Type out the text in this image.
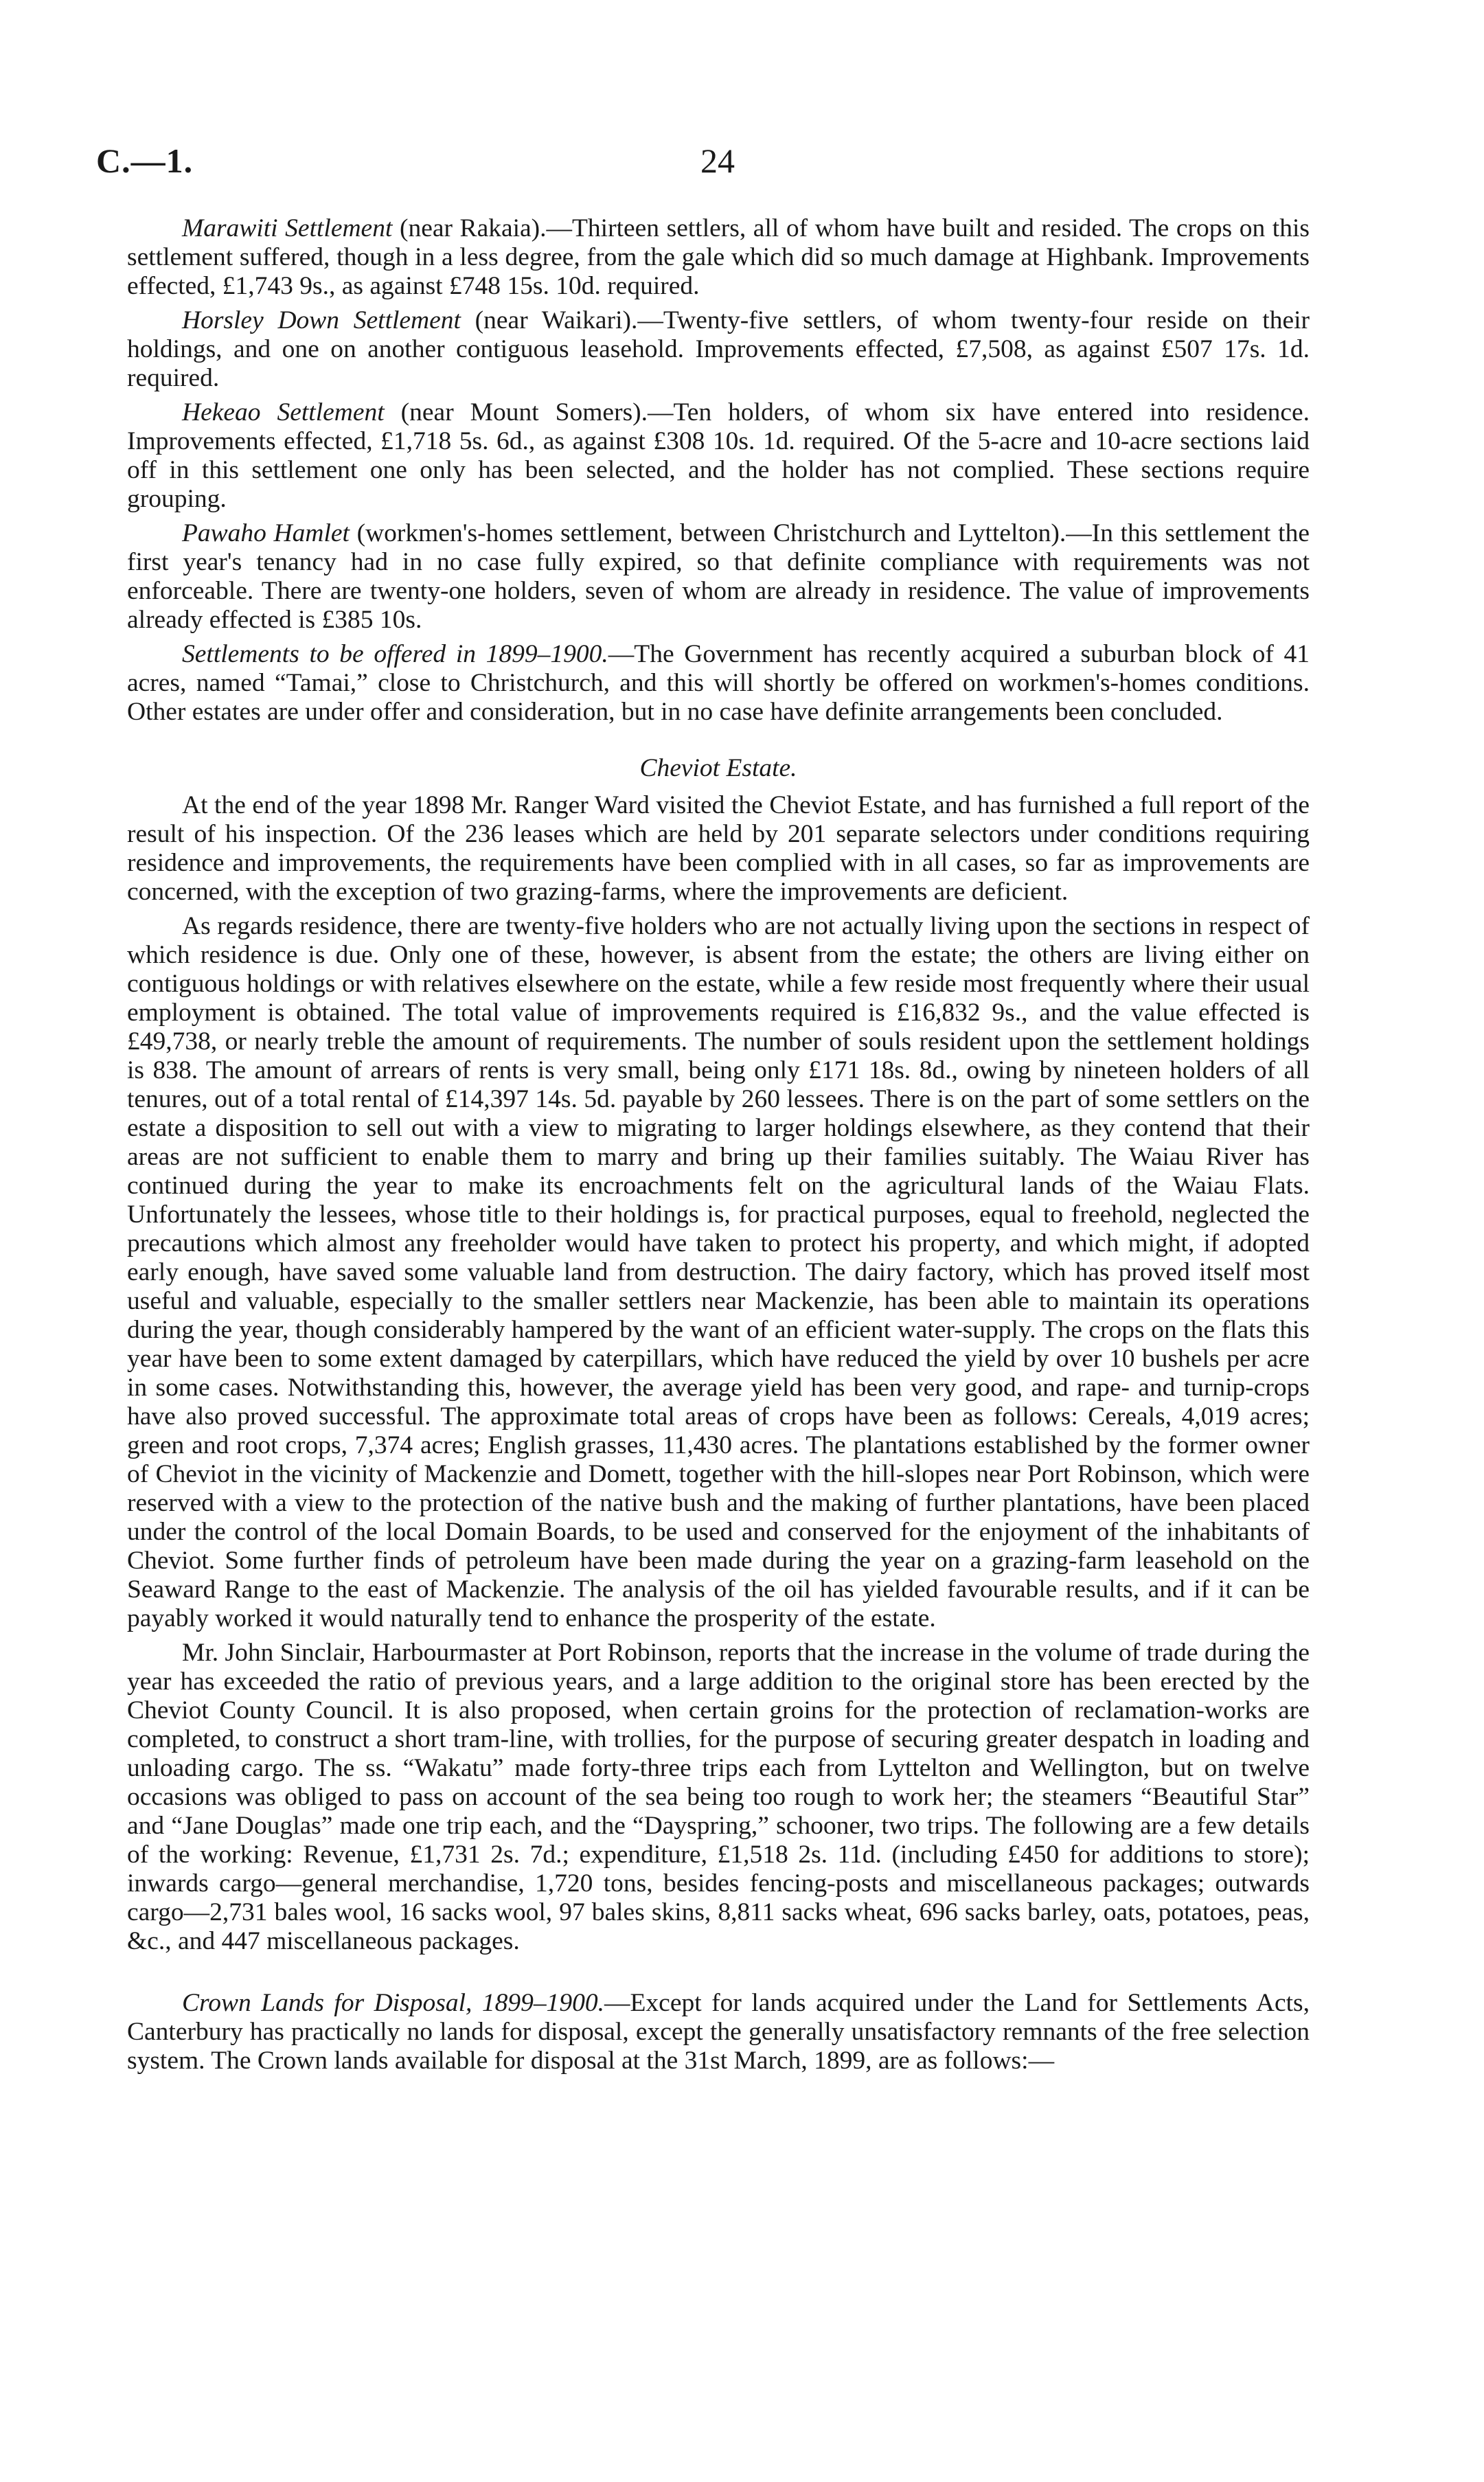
C.—1.	24

Marawiti Settlement (near Rakaia).—Thirteen settlers, all of whom have built and resided. The crops on this settlement suffered, though in a less degree, from the gale which did so much damage at Highbank. Improvements effected, £1,743 9s., as against £748 15s. 10d. required.

Horsley Down Settlement (near Waikari).—Twenty-five settlers, of whom twenty-four reside on their holdings, and one on another contiguous leasehold. Improvements effected, £7,508, as against £507 17s. 1d. required.

Hekeao Settlement (near Mount Somers).—Ten holders, of whom six have entered into residence. Improvements effected, £1,718 5s. 6d., as against £308 10s. 1d. required. Of the 5-acre and 10-acre sections laid off in this settlement one only has been selected, and the holder has not complied. These sections require grouping.

Pawaho Hamlet (workmen's-homes settlement, between Christchurch and Lyttelton).—In this settlement the first year's tenancy had in no case fully expired, so that definite compliance with requirements was not enforceable. There are twenty-one holders, seven of whom are already in residence. The value of improvements already effected is £385 10s.

Settlements to be offered in 1899–1900.—The Government has recently acquired a suburban block of 41 acres, named “Tamai,” close to Christchurch, and this will shortly be offered on workmen's-homes conditions. Other estates are under offer and consideration, but in no case have definite arrangements been concluded.

Cheviot Estate.

At the end of the year 1898 Mr. Ranger Ward visited the Cheviot Estate, and has furnished a full report of the result of his inspection. Of the 236 leases which are held by 201 separate selectors under conditions requiring residence and improvements, the requirements have been complied with in all cases, so far as improvements are concerned, with the exception of two grazing-farms, where the improvements are deficient.

As regards residence, there are twenty-five holders who are not actually living upon the sections in respect of which residence is due. Only one of these, however, is absent from the estate; the others are living either on contiguous holdings or with relatives elsewhere on the estate, while a few reside most frequently where their usual employment is obtained. The total value of improvements required is £16,832 9s., and the value effected is £49,738, or nearly treble the amount of requirements. The number of souls resident upon the settlement holdings is 838. The amount of arrears of rents is very small, being only £171 18s. 8d., owing by nineteen holders of all tenures, out of a total rental of £14,397 14s. 5d. payable by 260 lessees. There is on the part of some settlers on the estate a disposition to sell out with a view to migrating to larger holdings elsewhere, as they contend that their areas are not sufficient to enable them to marry and bring up their families suitably. The Waiau River has continued during the year to make its encroachments felt on the agricultural lands of the Waiau Flats. Unfortunately the lessees, whose title to their holdings is, for practical purposes, equal to freehold, neglected the precautions which almost any freeholder would have taken to protect his property, and which might, if adopted early enough, have saved some valuable land from destruction. The dairy factory, which has proved itself most useful and valuable, especially to the smaller settlers near Mackenzie, has been able to maintain its operations during the year, though considerably hampered by the want of an efficient water-supply. The crops on the flats this year have been to some extent damaged by caterpillars, which have reduced the yield by over 10 bushels per acre in some cases. Notwithstanding this, however, the average yield has been very good, and rape- and turnip-crops have also proved successful. The approximate total areas of crops have been as follows: Cereals, 4,019 acres; green and root crops, 7,374 acres; English grasses, 11,430 acres. The plantations established by the former owner of Cheviot in the vicinity of Mackenzie and Domett, together with the hill-slopes near Port Robinson, which were reserved with a view to the protection of the native bush and the making of further plantations, have been placed under the control of the local Domain Boards, to be used and conserved for the enjoyment of the inhabitants of Cheviot. Some further finds of petroleum have been made during the year on a grazing-farm leasehold on the Seaward Range to the east of Mackenzie. The analysis of the oil has yielded favourable results, and if it can be payably worked it would naturally tend to enhance the prosperity of the estate.

Mr. John Sinclair, Harbourmaster at Port Robinson, reports that the increase in the volume of trade during the year has exceeded the ratio of previous years, and a large addition to the original store has been erected by the Cheviot County Council. It is also proposed, when certain groins for the protection of reclamation-works are completed, to construct a short tram-line, with trollies, for the purpose of securing greater despatch in loading and unloading cargo. The ss. “Wakatu” made forty-three trips each from Lyttelton and Wellington, but on twelve occasions was obliged to pass on account of the sea being too rough to work her; the steamers “Beautiful Star” and “Jane Douglas” made one trip each, and the “Dayspring,” schooner, two trips. The following are a few details of the working: Revenue, £1,731 2s. 7d.; expenditure, £1,518 2s. 11d. (including £450 for additions to store); inwards cargo—general merchandise, 1,720 tons, besides fencing-posts and miscellaneous packages; outwards cargo—2,731 bales wool, 16 sacks wool, 97 bales skins, 8,811 sacks wheat, 696 sacks barley, oats, potatoes, peas, &c., and 447 miscellaneous packages.

Crown Lands for Disposal, 1899–1900.—Except for lands acquired under the Land for Settlements Acts, Canterbury has practically no lands for disposal, except the generally unsatisfactory remnants of the free selection system. The Crown lands available for disposal at the 31st March, 1899, are as follows:—
